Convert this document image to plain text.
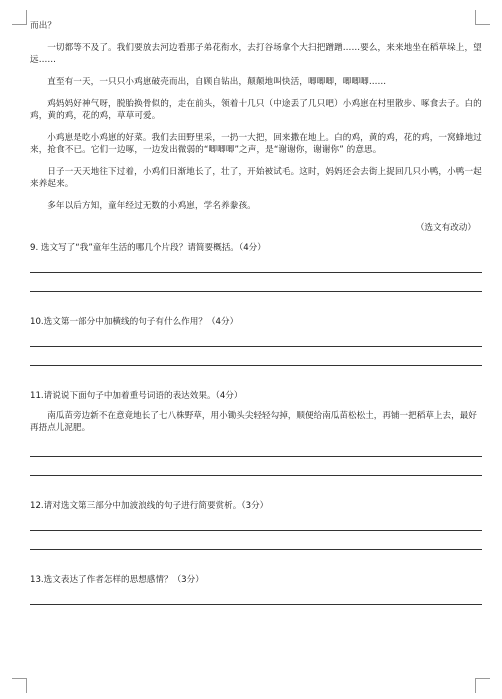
而出？
一切都等不及了。我们要放去河边看那子弟花衔水，去打谷场拿个大扫把蹭蹭……要么，来来地坐在稻草垛上，望远……
直至有一天，一只只小鸡崽破壳而出，自顾自钻出，颠颠地叫快活，唧唧唧，唧唧唧……
鸡妈妈好神气呀，脱胎换骨似的，走在前头，领着十几只（中途丢了几只吧）小鸡崽在村里散步、啄食去子。白的鸡，黄的鸡，花的鸡，草草可爱。
小鸡崽是吃小鸡崽的好菜。我们去田野里采，一扔一大把，回来撒在地上。白的鸡，黄的鸡，花的鸡，一窝蜂地过来，抢食不已。它们一边啄，一边发出微弱的“唧唧唧”之声，是“谢谢你，谢谢你” 的意思。
日子一天天地往下过着，小鸡们日渐地长了，壮了，开始被试毛。这时，妈妈还会去街上捉回几只小鸭，小鸭一起来养起来。
多年以后方知，童年经过无数的小鸡崽，学名养豢孩。
（选文有改动）
9. 选文写了“我”童年生活的哪几个片段？请简要概括。（4分）
10.选文第一部分中加横线的句子有什么作用？（4分）
11.请说说下面句子中加着重号词语的表达效果。（4分）
南瓜苗旁边新不在意竟地长了七八株野草，用小锄头尖轻轻勾掉，顺便给南瓜苗松松土，再铺一把稻草上去，最好再捂点儿泥肥。
12.请对选文第三部分中加波浪线的句子进行简要赏析。（3分）
13.选文表达了作者怎样的思想感情？（3分）
